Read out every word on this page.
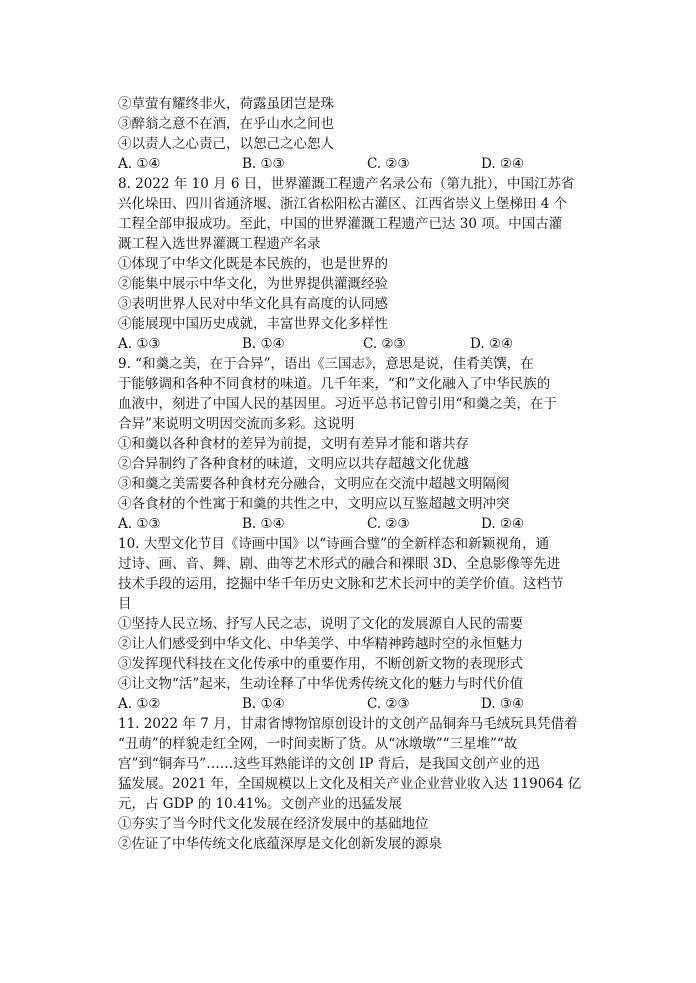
②草萤有耀终非火，荷露虽团岂是珠
③醉翁之意不在酒，在乎山水之间也
④以责人之心责己，以恕己之心恕人
A. ①④	B. ①③	C. ②③	D. ②④
8. 2022 年 10 月 6 日，世界灌溉工程遗产名录公布（第九批），中国江苏省
兴化垛田、四川省通济堰、浙江省松阳松古灌区、江西省崇义上堡梯田 4 个
工程全部申报成功。至此，中国的世界灌溉工程遗产已达 30 项。中国古灌
溉工程入选世界灌溉工程遗产名录
①体现了中华文化既是本民族的，也是世界的
②能集中展示中华文化，为世界提供灌溉经验
③表明世界人民对中华文化具有高度的认同感
④能展现中国历史成就，丰富世界文化多样性
A. ①③	B. ①④	C. ②③	D. ②④
9. “和羹之美，在于合异”，语出《三国志》，意思是说，佳肴美馔，在
于能够调和各种不同食材的味道。几千年来，“和”文化融入了中华民族的
血液中，刻进了中国人民的基因里。习近平总书记曾引用“和羹之美，在于
合异”来说明文明因交流而多彩。这说明
①和羹以各种食材的差异为前提，文明有差异才能和谐共存
②合异制约了各种食材的味道，文明应以共存超越文化优越
③和羹之美需要各种食材充分融合，文明应在交流中超越文明隔阂
④各食材的个性寓于和羹的共性之中，文明应以互鉴超越文明冲突
A. ①③	B. ①④	C. ②③	D. ②④
10. 大型文化节目《诗画中国》以“诗画合璧”的全新样态和新颖视角，通
过诗、画、音、舞、剧、曲等艺术形式的融合和裸眼 3D、全息影像等先进
技术手段的运用，挖掘中华千年历史文脉和艺术长河中的美学价值。这档节
目
①坚持人民立场、抒写人民之志，说明了文化的发展源自人民的需要
②让人们感受到中华文化、中华美学、中华精神跨越时空的永恒魅力
③发挥现代科技在文化传承中的重要作用，不断创新文物的表现形式
④让文物“活”起来，生动诠释了中华优秀传统文化的魅力与时代价值
A. ①②	B. ①④	C. ②③	D. ③④
11. 2022 年 7 月，甘肃省博物馆原创设计的文创产品铜奔马毛绒玩具凭借着
“丑萌”的样貌走红全网，一时间卖断了货。从“冰墩墩”“三星堆”“故
宫”到“铜奔马”……这些耳熟能详的文创 IP 背后，是我国文创产业的迅
猛发展。2021 年，全国规模以上文化及相关产业企业营业收入达 119064 亿
元，占 GDP 的 10.41%。文创产业的迅猛发展
①夯实了当今时代文化发展在经济发展中的基础地位
②佐证了中华传统文化底蕴深厚是文化创新发展的源泉
